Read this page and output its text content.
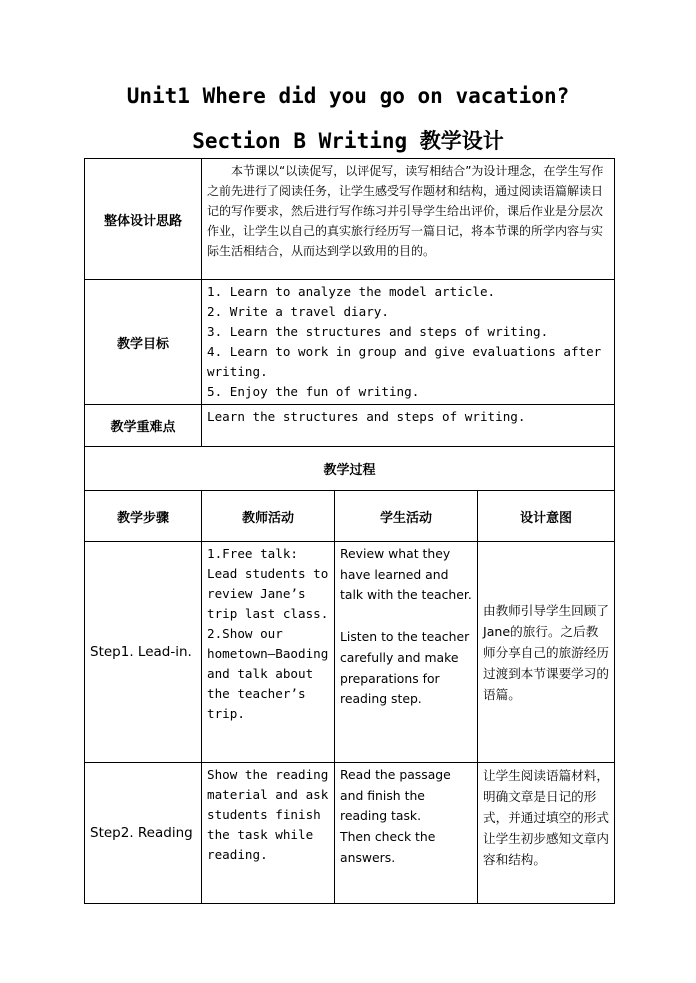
Unit1 Where did you go on vacation?
Section B Writing 教学设计
整体设计思路	本节课以“以读促写，以评促写，读写相结合”为设计理念，在学生写作之前先进行了阅读任务，让学生感受写作题材和结构，通过阅读语篇解读日记的写作要求，然后进行写作练习并引导学生给出评价，课后作业是分层次作业，让学生以自己的真实旅行经历写一篇日记，将本节课的所学内容与实际生活相结合，从而达到学以致用的目的。		
教学目标	1. Learn to analyze the model article.
2. Write a travel diary.
3. Learn the structures and steps of writing.
4. Learn to work in group and give evaluations after writing.
5. Enjoy the fun of writing.		

教学重难点	Learn the structures and steps of writing.		
教学过程			
教学步骤	教师活动	学生活动	设计意图
Step1. Lead-in.	1.Free talk:
Lead students to review Jane’s trip last class.
2.Show our hometown—Baoding and talk about the teacher’s trip.	Review what they have learned and talk with the teacher.
Listen to the teacher carefully and make preparations for reading step.	由教师引导学生回顾了Jane的旅行。之后教师分享自己的旅游经历过渡到本节课要学习的语篇。
Step2. Reading	Show the reading material and ask students finish the task while reading.	Read the passage and finish the reading task.
Then check the answers.	让学生阅读语篇材料，明确文章是日记的形式，并通过填空的形式让学生初步感知文章内容和结构。
